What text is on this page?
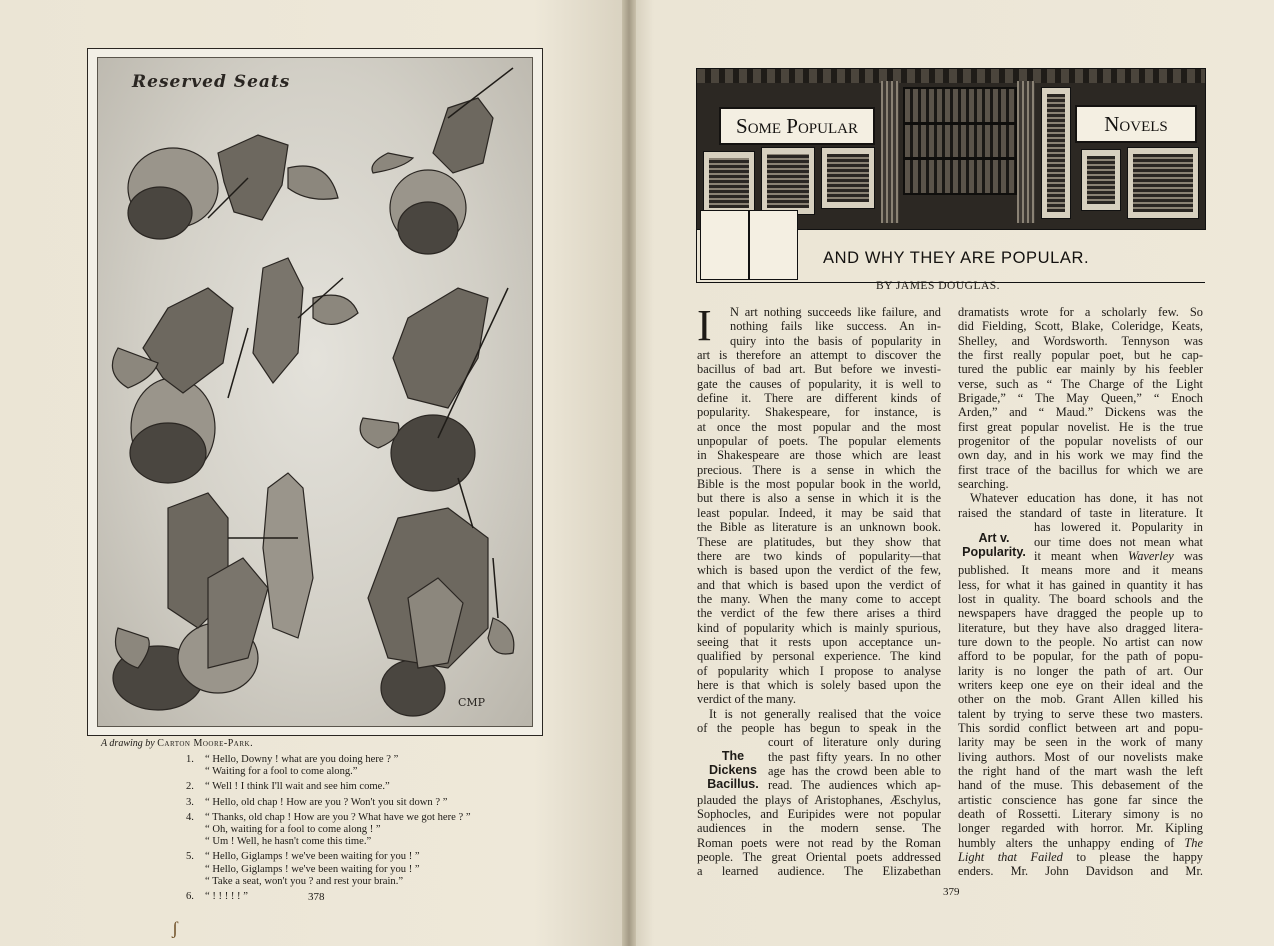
Reserved Seats
CMP
A drawing by Carton Moore-Park.
1. “ Hello, Downy ! what are you doing here ? ”
“ Waiting for a fool to come along.”
2. “ Well ! I think I'll wait and see him come.”
3. “ Hello, old chap ! How are you ? Won't you sit down ? ”
4. “ Thanks, old chap ! How are you ? What have we got here ? ”
“ Oh, waiting for a fool to come along ! ”
“ Um ! Well, he hasn't come this time.”
5. “ Hello, Giglamps ! we've been waiting for you ! ”
“ Hello, Giglamps ! we've been waiting for you ! ”
“ Take a seat, won't you ? and rest your brain.”
6. “ ! ! ! ! ! ”	378
ʃ
Some Popular	Novels
AND WHY THEY ARE POPULAR.
BY JAMES DOUGLAS.
I	N art nothing succeeds like failure, and
nothing fails like success. An in-
quiry into the basis of popularity in
art is therefore an attempt to discover the
bacillus of bad art. But before we investi-
gate the causes of popularity, it is well to
define it. There are different kinds of
popularity. Shakespeare, for instance, is
at once the most popular and the most
unpopular of poets. The popular elements
in Shakespeare are those which are least
precious. There is a sense in which the
Bible is the most popular book in the world,
but there is also a sense in which it is the
least popular. Indeed, it may be said that
the Bible as literature is an unknown book.
These are platitudes, but they show that
there are two kinds of popularity—that
which is based upon the verdict of the few,
and that which is based upon the verdict of
the many. When the many come to accept
the verdict of the few there arises a third
kind of popularity which is mainly spurious,
seeing that it rests upon acceptance un-
qualified by personal experience. The kind
of popularity which I propose to analyse
here is that which is solely based upon the
verdict of the many.
It is not generally realised that the voice
of the people has begun to speak in the
court of literature only during
the past fifty years. In no other
age has the crowd been able to
read. The audiences which ap-
plauded the plays of Aristophanes, Æschylus,
Sophocles, and Euripides were not popular
audiences in the modern sense. The
Roman poets were not read by the Roman
people. The great Oriental poets addressed
a learned audience. The Elizabethan
dramatists wrote for a scholarly few. So
did Fielding, Scott, Blake, Coleridge, Keats,
Shelley, and Wordsworth. Tennyson was
the first really popular poet, but he cap-
tured the public ear mainly by his feebler
verse, such as “ The Charge of the Light
Brigade,” “ The May Queen,” “ Enoch
Arden,” and “ Maud.” Dickens was the
first great popular novelist. He is the true
progenitor of the popular novelists of our
own day, and in his work we may find the
first trace of the bacillus for which we are
searching.
Whatever education has done, it has not
raised the standard of taste in literature. It
has lowered it. Popularity in
our time does not mean what
it meant when Waverley was
published. It means more and it means
less, for what it has gained in quantity it has
lost in quality. The board schools and the
newspapers have dragged the people up to
literature, but they have also dragged litera-
ture down to the people. No artist can now
afford to be popular, for the path of popu-
larity is no longer the path of art. Our
writers keep one eye on their ideal and the
other on the mob. Grant Allen killed his
talent by trying to serve these two masters.
This sordid conflict between art and popu-
larity may be seen in the work of many
living authors. Most of our novelists make
the right hand of the mart wash the left
hand of the muse. This debasement of the
artistic conscience has gone far since the
death of Rossetti. Literary simony is no
longer regarded with horror. Mr. Kipling
humbly alters the unhappy ending of The
Light that Failed to please the happy
enders. Mr. John Davidson and Mr.
The
Dickens
Bacillus.
Art v.
Popularity.
379
